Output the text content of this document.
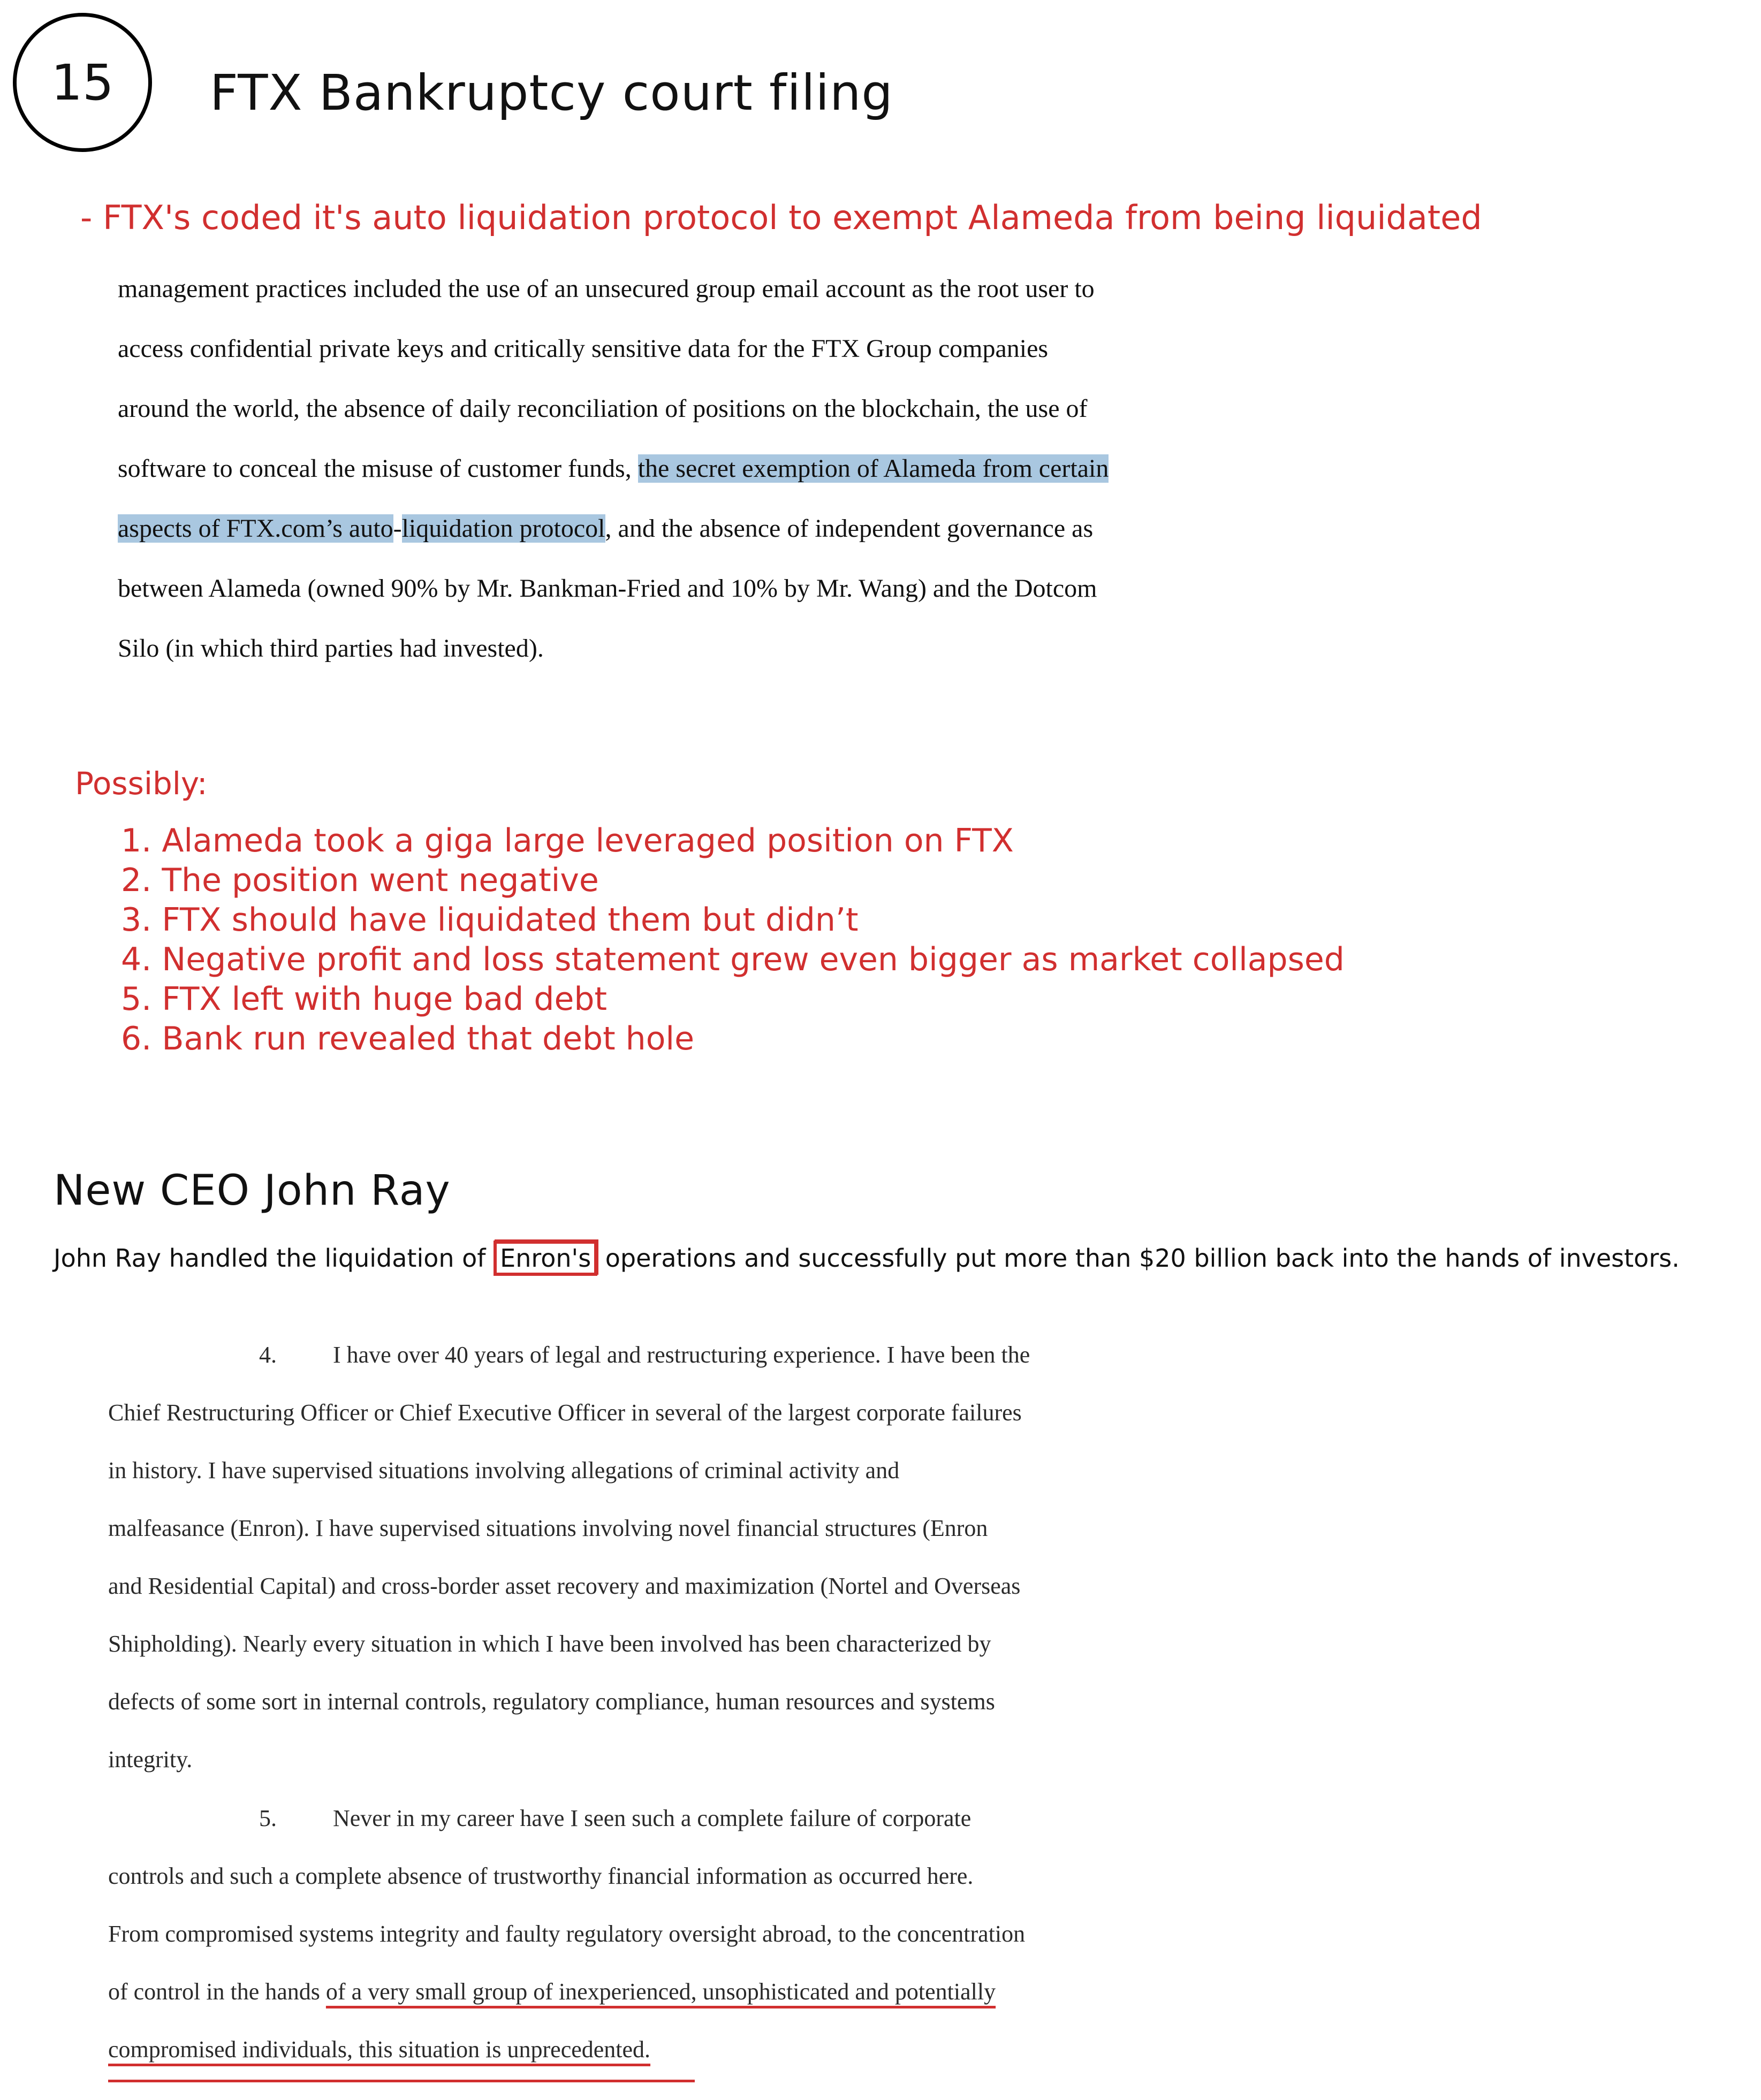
15 FTX Bankruptcy court filing
- FTX's coded it's auto liquidation protocol to exempt Alameda from being liquidated
management practices included the use of an unsecured group email account as the root user to
access confidential private keys and critically sensitive data for the FTX Group companies
around the world, the absence of daily reconciliation of positions on the blockchain, the use of
software to conceal the misuse of customer funds, the secret exemption of Alameda from certain
aspects of FTX.com’s auto-liquidation protocol, and the absence of independent governance as
between Alameda (owned 90% by Mr. Bankman-Fried and 10% by Mr. Wang) and the Dotcom
Silo (in which third parties had invested).
Possibly:
1. Alameda took a giga large leveraged position on FTX
2. The position went negative
3. FTX should have liquidated them but didn’t
4. Negative profit and loss statement grew even bigger as market collapsed
5. FTX left with huge bad debt
6. Bank run revealed that debt hole
New CEO John Ray
John Ray handled the liquidation of Enron's operations and successfully put more than $20 billion back into the hands of investors.
4. I have over 40 years of legal and restructuring experience. I have been the
Chief Restructuring Officer or Chief Executive Officer in several of the largest corporate failures
in history. I have supervised situations involving allegations of criminal activity and
malfeasance (Enron). I have supervised situations involving novel financial structures (Enron
and Residential Capital) and cross-border asset recovery and maximization (Nortel and Overseas
Shipholding). Nearly every situation in which I have been involved has been characterized by
defects of some sort in internal controls, regulatory compliance, human resources and systems
integrity.
5. Never in my career have I seen such a complete failure of corporate
controls and such a complete absence of trustworthy financial information as occurred here.
From compromised systems integrity and faulty regulatory oversight abroad, to the concentration
of control in the hands of a very small group of inexperienced, unsophisticated and potentially
compromised individuals, this situation is unprecedented.
